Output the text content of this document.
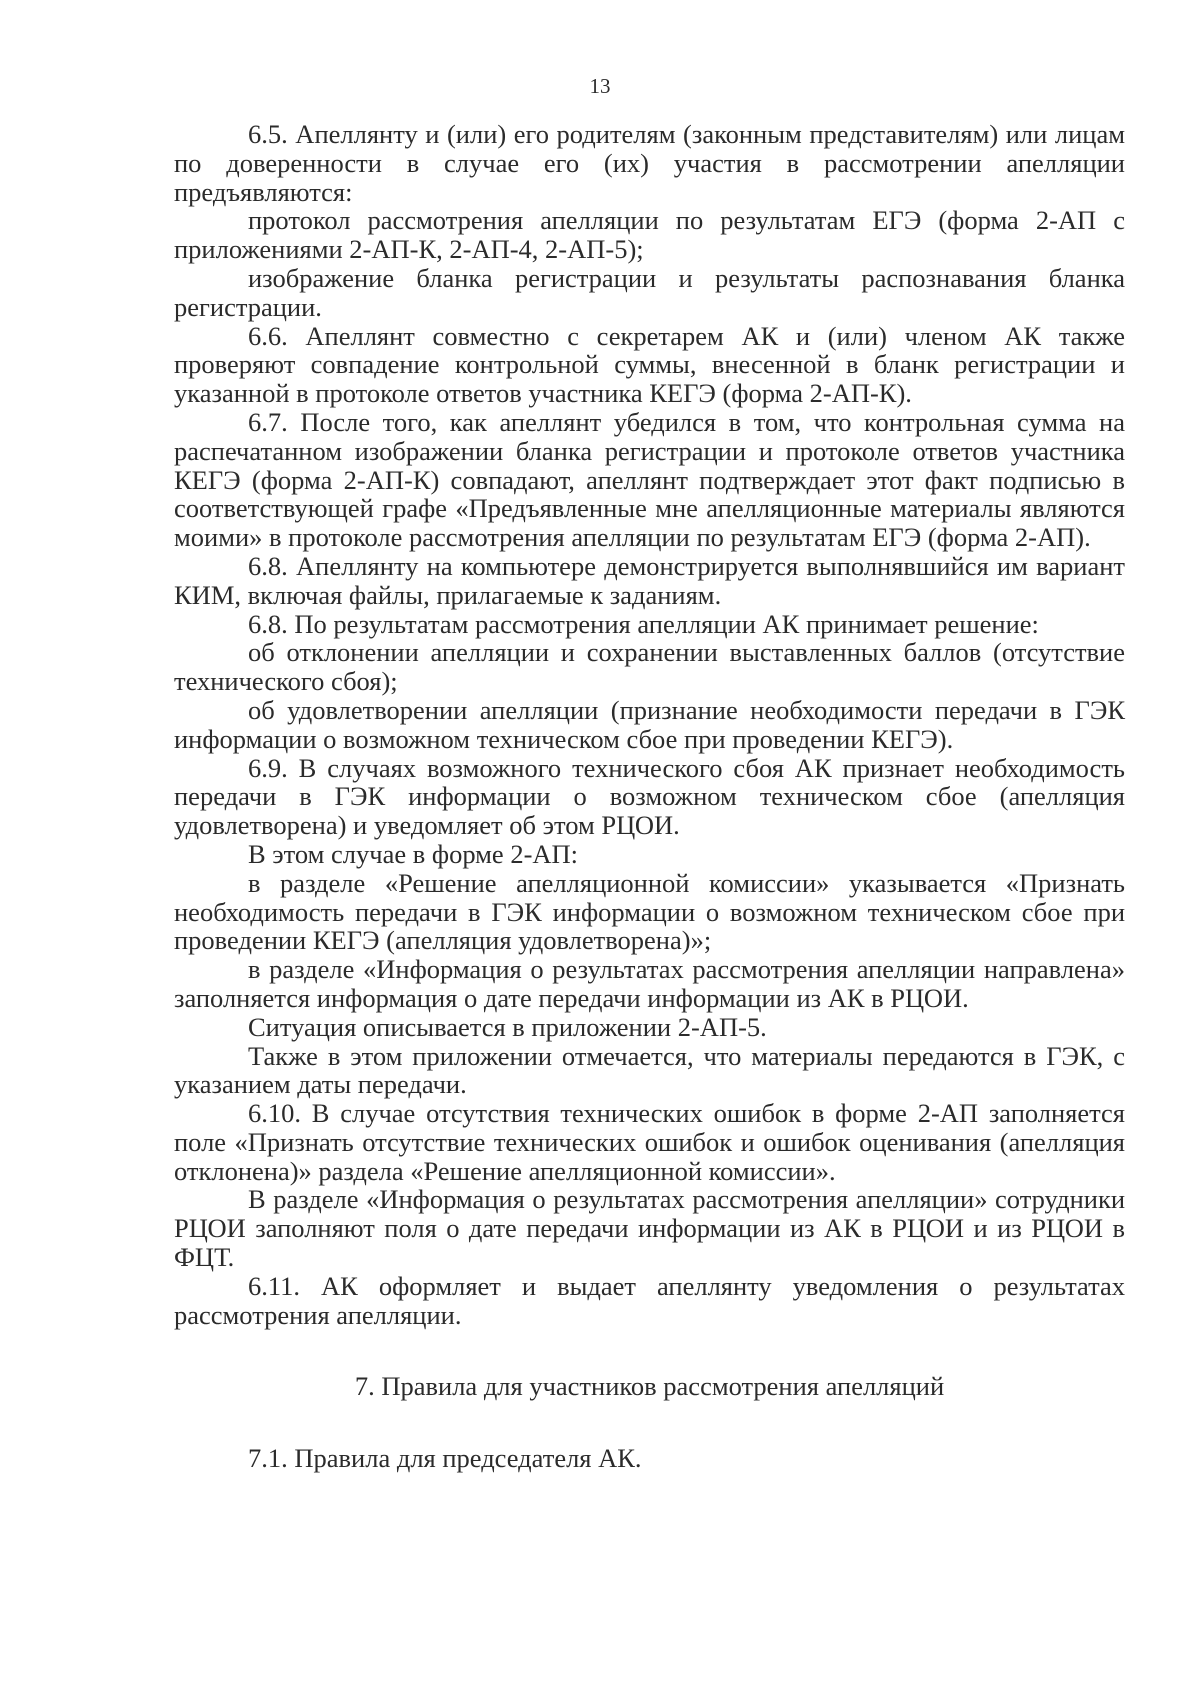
13

6.5. Апеллянту и (или) его родителям (законным представителям) или лицам по доверенности в случае его (их) участия в рассмотрении апелляции предъявляются:

протокол рассмотрения апелляции по результатам ЕГЭ (форма 2-АП с приложениями 2-АП-К, 2-АП-4, 2-АП-5);

изображение бланка регистрации и результаты распознавания бланка регистрации.

6.6. Апеллянт совместно с секретарем АК и (или) членом АК также проверяют совпадение контрольной суммы, внесенной в бланк регистрации и указанной в протоколе ответов участника КЕГЭ (форма 2-АП-К).

6.7. После того, как апеллянт убедился в том, что контрольная сумма на распечатанном изображении бланка регистрации и протоколе ответов участника КЕГЭ (форма 2-АП-К) совпадают, апеллянт подтверждает этот факт подписью в соответствующей графе «Предъявленные мне апелляционные материалы являются моими» в протоколе рассмотрения апелляции по результатам ЕГЭ (форма 2-АП).

6.8. Апеллянту на компьютере демонстрируется выполнявшийся им вариант КИМ, включая файлы, прилагаемые к заданиям.

6.8. По результатам рассмотрения апелляции АК принимает решение:

об отклонении апелляции и сохранении выставленных баллов (отсутствие технического сбоя);

об удовлетворении апелляции (признание необходимости передачи в ГЭК информации о возможном техническом сбое при проведении КЕГЭ).

6.9. В случаях возможного технического сбоя АК признает необходимость передачи в ГЭК информации о возможном техническом сбое (апелляция удовлетворена) и уведомляет об этом РЦОИ.

В этом случае в форме 2-АП:

в разделе «Решение апелляционной комиссии» указывается «Признать необходимость передачи в ГЭК информации о возможном техническом сбое при проведении КЕГЭ (апелляция удовлетворена)»;

в разделе «Информация о результатах рассмотрения апелляции направлена» заполняется информация о дате передачи информации из АК в РЦОИ.

Ситуация описывается в приложении 2-АП-5.

Также в этом приложении отмечается, что материалы передаются в ГЭК, с указанием даты передачи.

6.10. В случае отсутствия технических ошибок в форме 2-АП заполняется поле «Признать отсутствие технических ошибок и ошибок оценивания (апелляция отклонена)» раздела «Решение апелляционной комиссии».

В разделе «Информация о результатах рассмотрения апелляции» сотрудники РЦОИ заполняют поля о дате передачи информации из АК в РЦОИ и из РЦОИ в ФЦТ.

6.11. АК оформляет и выдает апеллянту уведомления о результатах рассмотрения апелляции.

7. Правила для участников рассмотрения апелляций
7.1. Правила для председателя АК.
